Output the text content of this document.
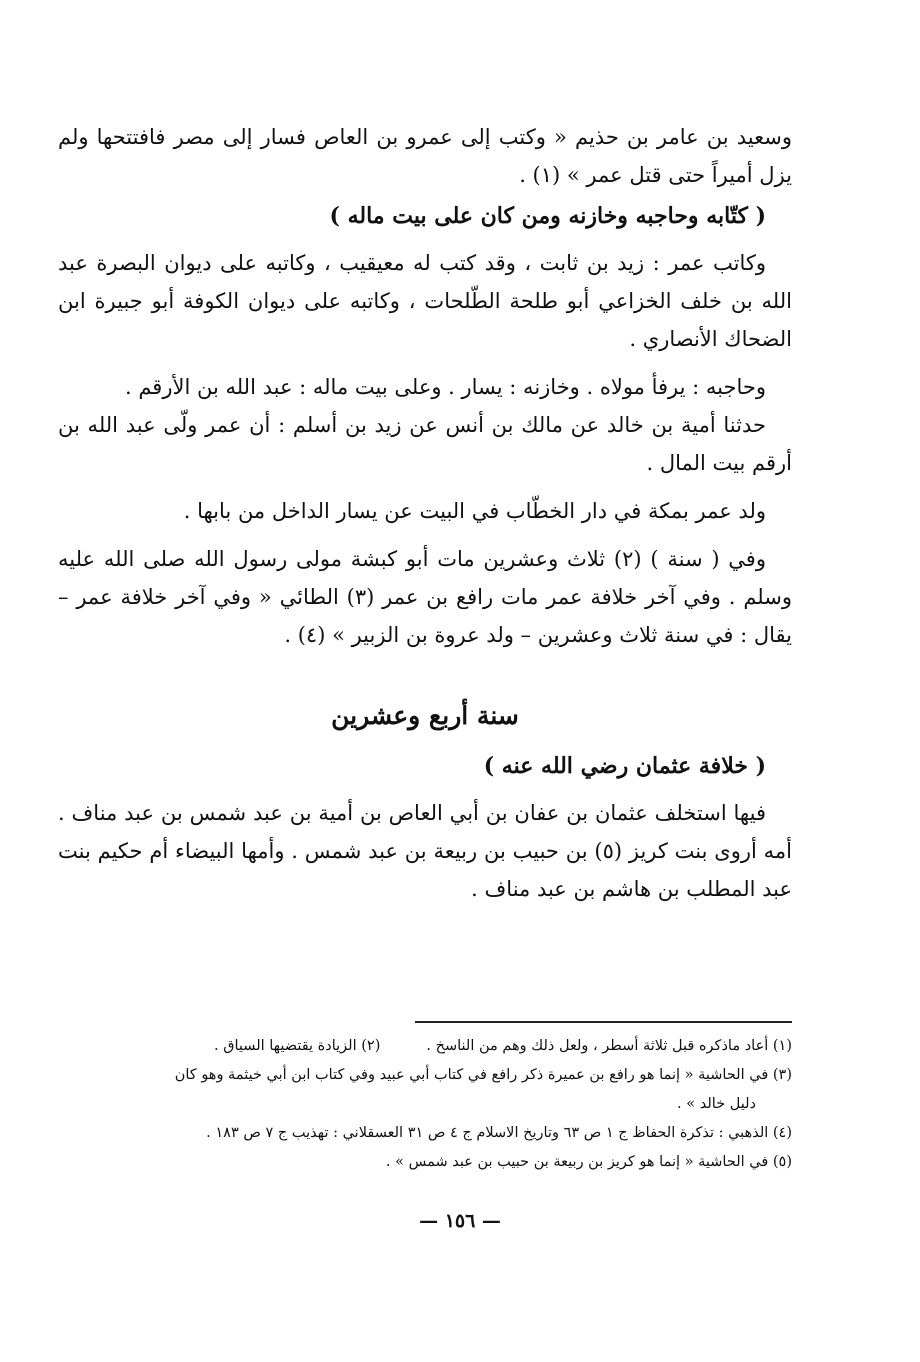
وسعيد بن عامر بن حذيم « وكتب إلى عمرو بن العاص فسار إلى مصر فافتتحها ولم يزل أميراً حتى قتل عمر » (١) .

( كتّابه وحاجبه وخازنه ومن كان على بيت ماله )

وكاتب عمر : زيد بن ثابت ، وقد كتب له معيقيب ، وكاتبه على ديوان البصرة عبد الله بن خلف الخزاعي أبو طلحة الطّلحات ، وكاتبه على ديوان الكوفة أبو جبيرة ابن الضحاك الأنصاري .

وحاجبه : يرفأ مولاه . وخازنه : يسار . وعلى بيت ماله : عبد الله بن الأرقم .

حدثنا أمية بن خالد عن مالك بن أنس عن زيد بن أسلم : أن عمر ولّى عبد الله بن أرقم بيت المال .

ولد عمر بمكة في دار الخطّاب في البيت عن يسار الداخل من بابها .

وفي ( سنة ) (٢) ثلاث وعشرين مات أبو كبشة مولى رسول الله صلى الله عليه وسلم . وفي آخر خلافة عمر مات رافع بن عمر (٣) الطائي « وفي آخر خلافة عمر – يقال : في سنة ثلاث وعشرين – ولد عروة بن الزبير » (٤) .

سنة أربع وعشرين
( خلافة عثمان رضي الله عنه )

فيها استخلف عثمان بن عفان بن أبي العاص بن أمية بن عبد شمس بن عبد مناف . أمه أروى بنت كريز (٥) بن حبيب بن ربيعة بن عبد شمس . وأمها البيضاء أم حكيم بنت عبد المطلب بن هاشم بن عبد مناف .

(١) أعاد ماذكره قبل ثلاثة أسطر ، ولعل ذلك وهم من الناسخ .
(٢) الزيادة يقتضيها السياق .

(٣) في الحاشية « إنما هو رافع بن عميرة ذكر رافع في كتاب أبي عبيد وفي كتاب ابن أبي خيثمة وهو كان

دليل خالد » .

(٤) الذهبي : تذكرة الحفاظ ج ١ ص ٦٣ وتاريخ الاسلام ج ٤ ص ٣١ العسقلاني : تهذيب ج ٧ ص ١٨٣ .

(٥) في الحاشية « إنما هو كريز بن ربيعة بن حبيب بن عبد شمس » .

— ١٥٦ —
